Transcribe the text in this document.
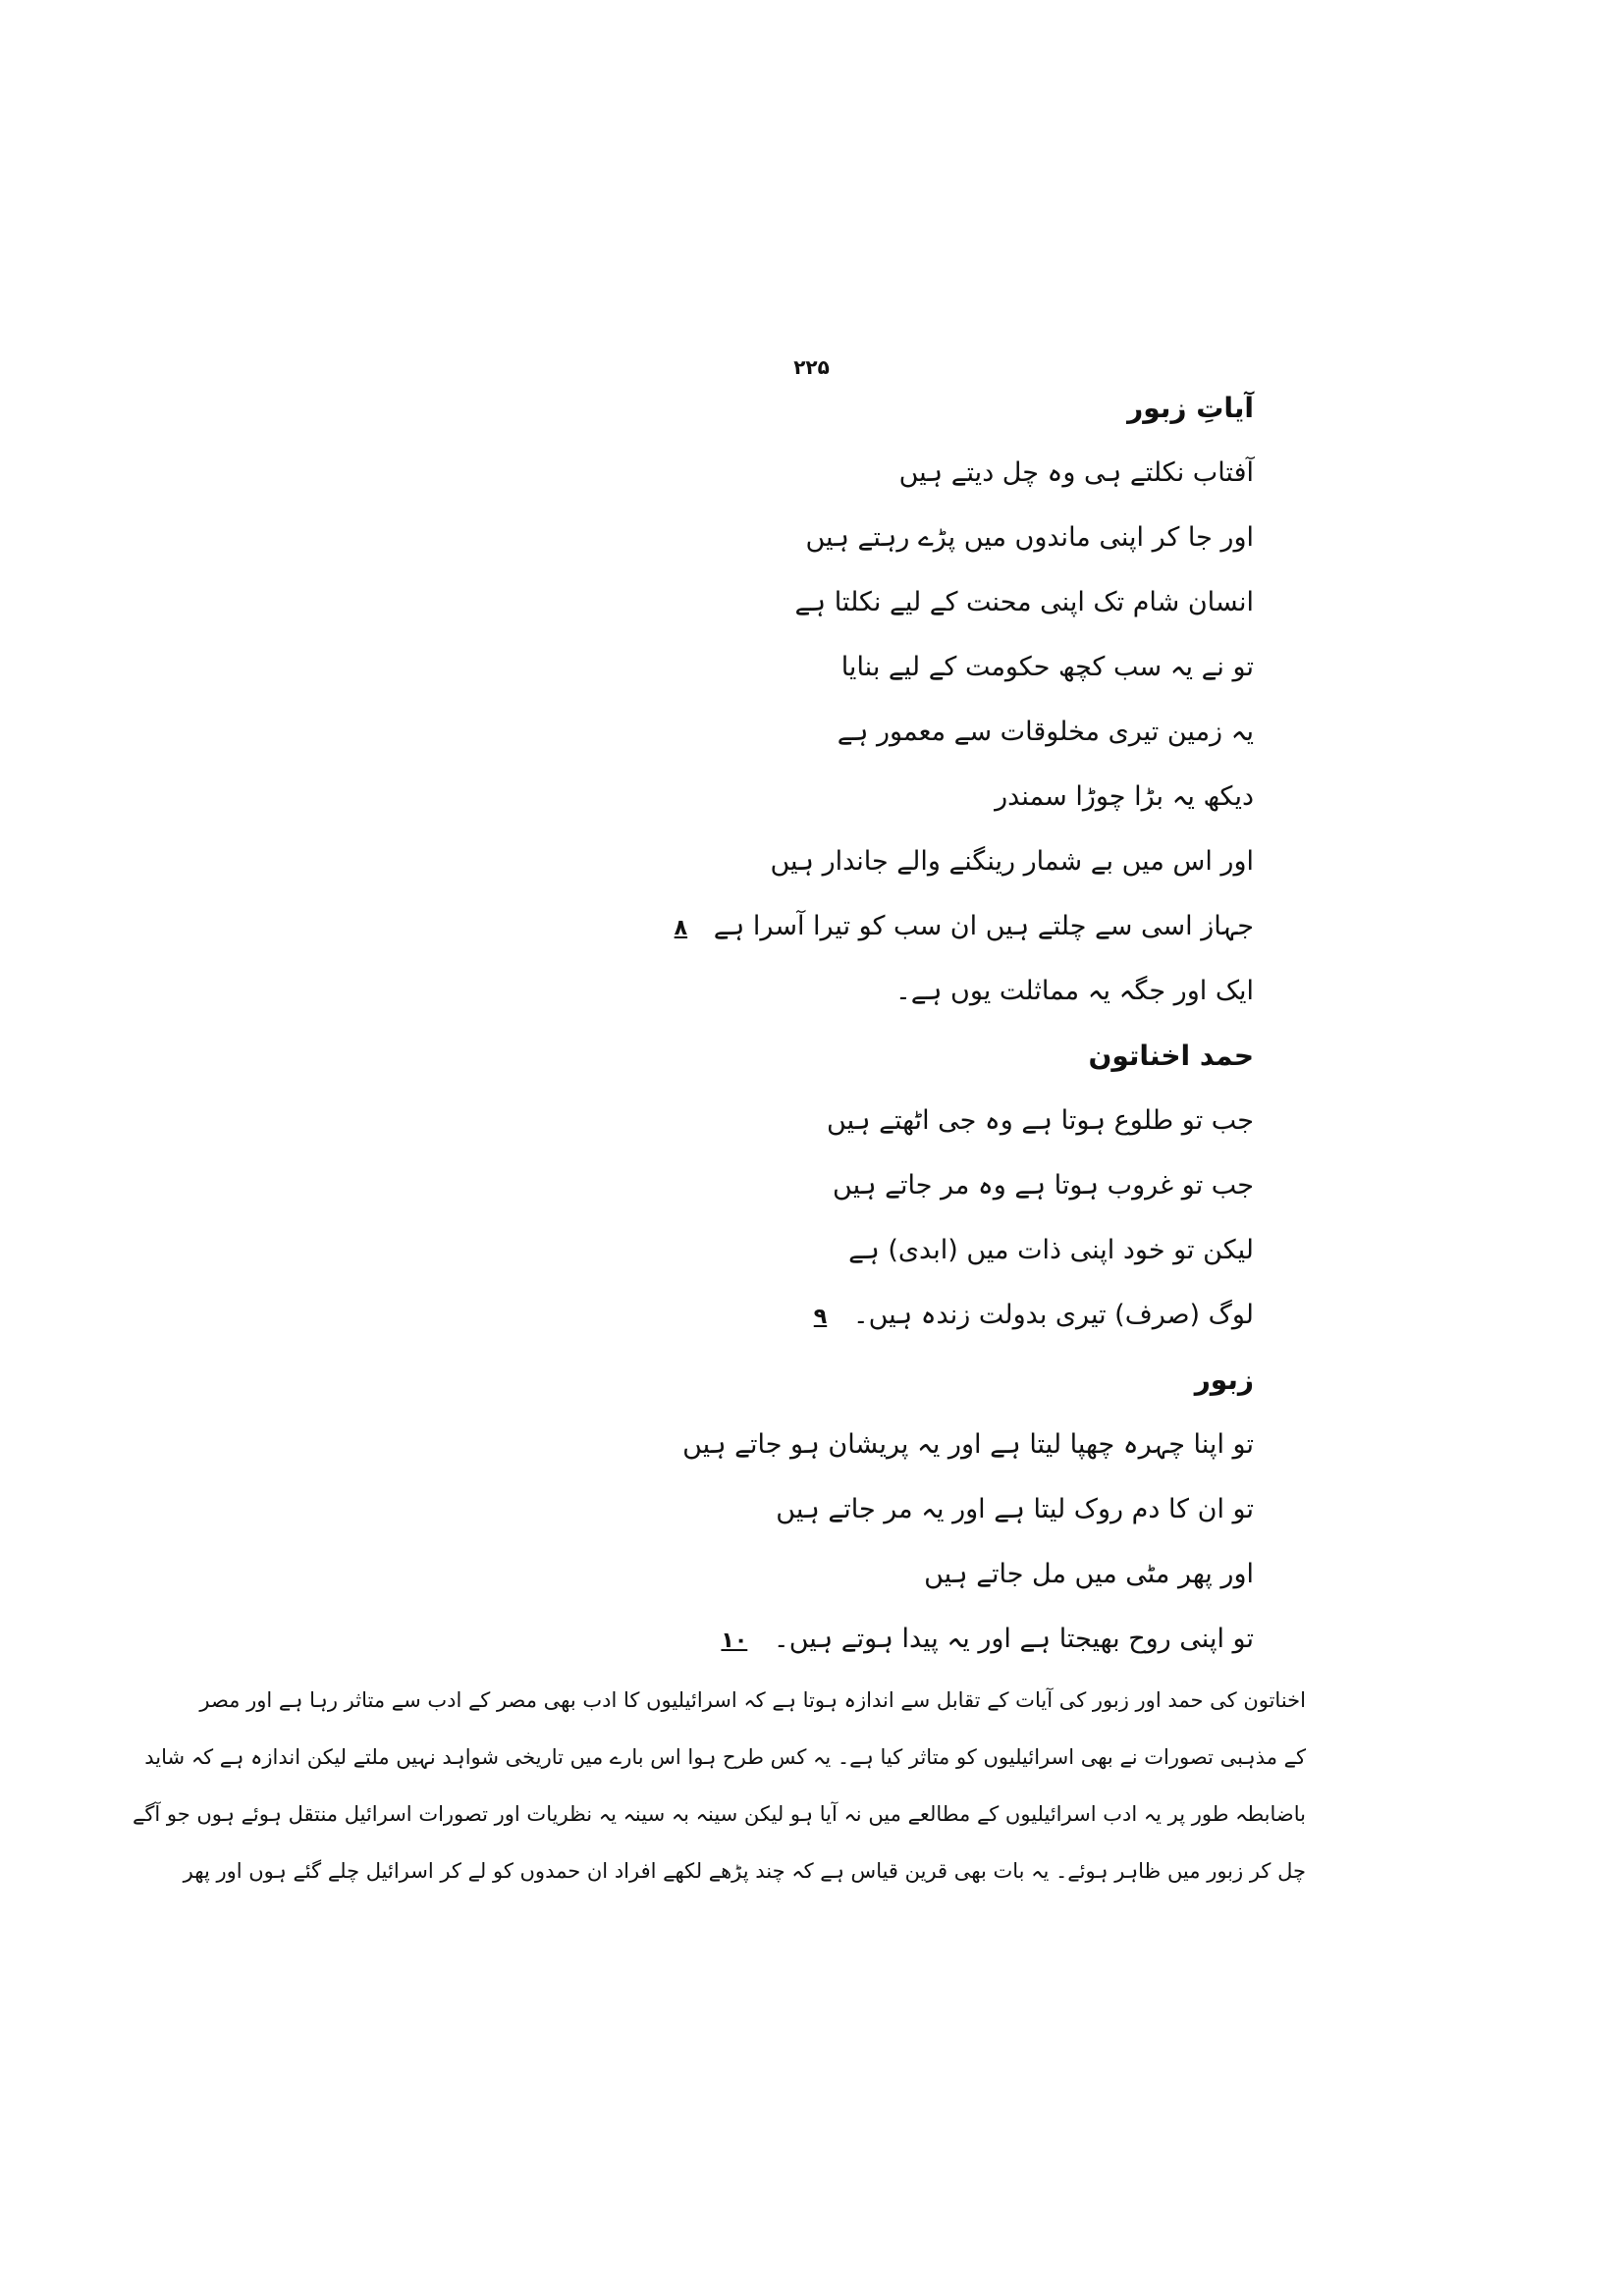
۲۲۵
آیاتِ زبور
آفتاب نکلتے ہی وہ چل دیتے ہیں
اور جا کر اپنی ماندوں میں پڑے رہتے ہیں
انسان شام تک اپنی محنت کے لیے نکلتا ہے
تو نے یہ سب کچھ حکومت کے لیے بنایا
یہ زمین تیری مخلوقات سے معمور ہے
دیکھ یہ بڑا چوڑا سمندر
اور اس میں بے شمار رینگنے والے جاندار ہیں
جہاز اسی سے چلتے ہیں ان سب کو تیرا آسرا ہے ۸
ایک اور جگہ یہ مماثلت یوں ہے۔
حمد اخناتون
جب تو طلوع ہوتا ہے وہ جی اٹھتے ہیں
جب تو غروب ہوتا ہے وہ مر جاتے ہیں
لیکن تو خود اپنی ذات میں (ابدی) ہے
لوگ (صرف) تیری بدولت زندہ ہیں۔ ۹
زبور
تو اپنا چہرہ چھپا لیتا ہے اور یہ پریشان ہو جاتے ہیں
تو ان کا دم روک لیتا ہے اور یہ مر جاتے ہیں
اور پھر مٹی میں مل جاتے ہیں
تو اپنی روح بھیجتا ہے اور یہ پیدا ہوتے ہیں۔ ۱۰
اخناتون کی حمد اور زبور کی آیات کے تقابل سے اندازہ ہوتا ہے کہ اسرائیلیوں کا ادب بھی مصر کے ادب سے متاثر رہا ہے اور مصر
کے مذہبی تصورات نے بھی اسرائیلیوں کو متاثر کیا ہے۔ یہ کس طرح ہوا اس بارے میں تاریخی شواہد نہیں ملتے لیکن اندازہ ہے کہ شاید
باضابطہ طور پر یہ ادب اسرائیلیوں کے مطالعے میں نہ آیا ہو لیکن سینہ بہ سینہ یہ نظریات اور تصورات اسرائیل منتقل ہوئے ہوں جو آگے
چل کر زبور میں ظاہر ہوئے۔ یہ بات بھی قرین قیاس ہے کہ چند پڑھے لکھے افراد ان حمدوں کو لے کر اسرائیل چلے گئے ہوں اور پھر
